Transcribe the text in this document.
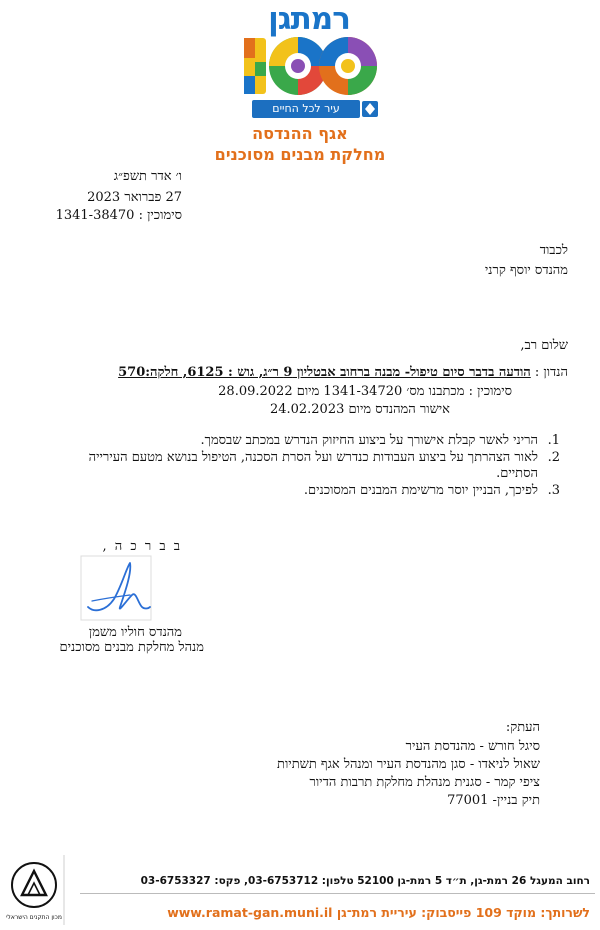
רמתגן
עיר לכל החיים
אגף ההנדסה
מחלקת מבנים מסוכנים
ו׳ אדר תשפ״ג
27 פברואר 2023
סימוכין : 1341-38470
לכבוד
מהנדס יוסף קרני
שלום רב,
הנדון : הודעה בדבר סיום טיפול- מבנה ברחוב אבטליון 9 ר״ג, גוש : 6125, חלקה:570
סימוכין : מכתבנו מס׳ 1341-34720 מיום 28.09.2022
אישור המהנדס מיום 24.02.2023
1.
הריני לאשר קבלת אישורך על ביצוע החיזוק הנדרש במכתב שבסמך.
2.
לאור הצהרתך על ביצוע העבודות כנדרש ועל הסרת הסכנה, הטיפול בנושא מטעם העירייה הסתיים.
3.
לפיכך, הבניין יוסר מרשימת המבנים המסוכנים.
ב ב ר כ ה ,
מהנדס חוליו משמן
מנהל מחלקת מבנים מסוכנים
העתק:
סיגל חורש - מהנדסת העיר
שאול לניאדו - סגן מהנדסת העיר ומנהל אגף תשתיות
ציפי קמר - סגנית מנהלת מחלקת תרבות הדיור
תיק בניין- 77001
מכון התקנים הישראלי
רחוב המעגל 26 רמת-גן, ת״ד 5 רמת-גן 52100 טלפון: 03-6753712, פקס: 03-6753327
לשרותך: מוקד 109 פייסבוק: עיריית רמת־גן www.ramat-gan.muni.il
